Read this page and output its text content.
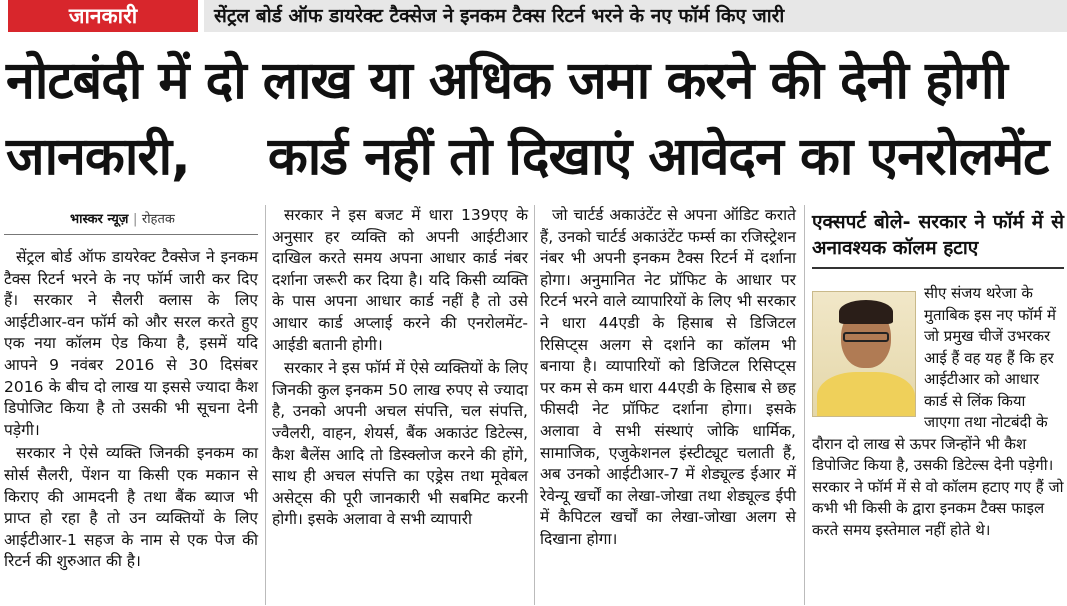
जानकारी	सेंट्रल बोर्ड ऑफ डायरेक्ट टैक्सेज ने इनकम टैक्स रिटर्न भरने के नए फॉर्म किए जारी
नोटबंदी में दो लाख या अधिक जमा करने की देनी होगी
जानकारी, कार्ड नहीं तो दिखाएं आवेदन का एनरोलमेंट
भास्कर न्यूज़ | रोहतक

सेंट्रल बोर्ड ऑफ डायरेक्ट टैक्सेज ने इनकम टैक्स रिटर्न भरने के नए फॉर्म जारी कर दिए हैं। सरकार ने सैलरी क्लास के लिए आईटीआर-वन फॉर्म को और सरल करते हुए एक नया कॉलम ऐड किया है, इसमें यदि आपने 9 नवंबर 2016 से 30 दिसंबर 2016 के बीच दो लाख या इससे ज्यादा कैश डिपोजिट किया है तो उसकी भी सूचना देनी पड़ेगी।

सरकार ने ऐसे व्यक्ति जिनकी इनकम का सोर्स सैलरी, पेंशन या किसी एक मकान से किराए की आमदनी है तथा बैंक ब्याज भी प्राप्त हो रहा है तो उन व्यक्तियों के लिए आईटीआर-1 सहज के नाम से एक पेज की रिटर्न की शुरुआत की है।

सरकार ने इस बजट में धारा 139एए के अनुसार हर व्यक्ति को अपनी आईटीआर दाखिल करते समय अपना आधार कार्ड नंबर दर्शाना जरूरी कर दिया है। यदि किसी व्यक्ति के पास अपना आधार कार्ड नहीं है तो उसे आधार कार्ड अप्लाई करने की एनरोलमेंट-आईडी बतानी होगी।

सरकार ने इस फॉर्म में ऐसे व्यक्तियों के लिए जिनकी कुल इनकम 50 लाख रुपए से ज्यादा है, उनको अपनी अचल संपत्ति, चल संपत्ति, ज्वैलरी, वाहन, शेयर्स, बैंक अकाउंट डिटेल्स, कैश बैलेंस आदि तो डिस्क्लोज करने की होंगे, साथ ही अचल संपत्ति का एड्रेस तथा मूवेबल असेट्स की पूरी जानकारी भी सबमिट करनी होगी। इसके अलावा वे सभी व्यापारी

जो चार्टर्ड अकाउंटेंट से अपना ऑडिट कराते हैं, उनको चार्टर्ड अकाउंटेंट फर्म्स का रजिस्ट्रेशन नंबर भी अपनी इनकम टैक्स रिटर्न में दर्शाना होगा। अनुमानित नेट प्रॉफिट के आधार पर रिटर्न भरने वाले व्यापारियों के लिए भी सरकार ने धारा 44एडी के हिसाब से डिजिटल रिसिप्ट्स अलग से दर्शाने का कॉलम भी बनाया है। व्यापारियों को डिजिटल रिसिप्ट्स पर कम से कम धारा 44एडी के हिसाब से छह फीसदी नेट प्रॉफिट दर्शाना होगा। इसके अलावा वे सभी संस्थाएं जोकि धार्मिक, सामाजिक, एजुकेशनल इंस्टीट्यूट चलाती हैं, अब उनको आईटीआर-7 में शेड्यूल्ड ईआर में रेवेन्यू खर्चों का लेखा-जोखा तथा शेड्यूल्ड ईपी में कैपिटल खर्चों का लेखा-जोखा अलग से दिखाना होगा।

एक्सपर्ट बोले- सरकार ने फॉर्म में से अनावश्यक कॉलम हटाए
सीए संजय थरेजा के मुताबिक इस नए फॉर्म में जो प्रमुख चीजें उभरकर आई हैं वह यह हैं कि हर आईटीआर को आधार कार्ड से लिंक किया जाएगा तथा नोटबंदी के दौरान दो लाख से ऊपर जिन्होंने भी कैश डिपोजिट किया है, उसकी डिटेल्स देनी पड़ेगी। सरकार ने फॉर्म में से वो कॉलम हटाए गए हैं जो कभी भी किसी के द्वारा इनकम टैक्स फाइल करते समय इस्तेमाल नहीं होते थे।
